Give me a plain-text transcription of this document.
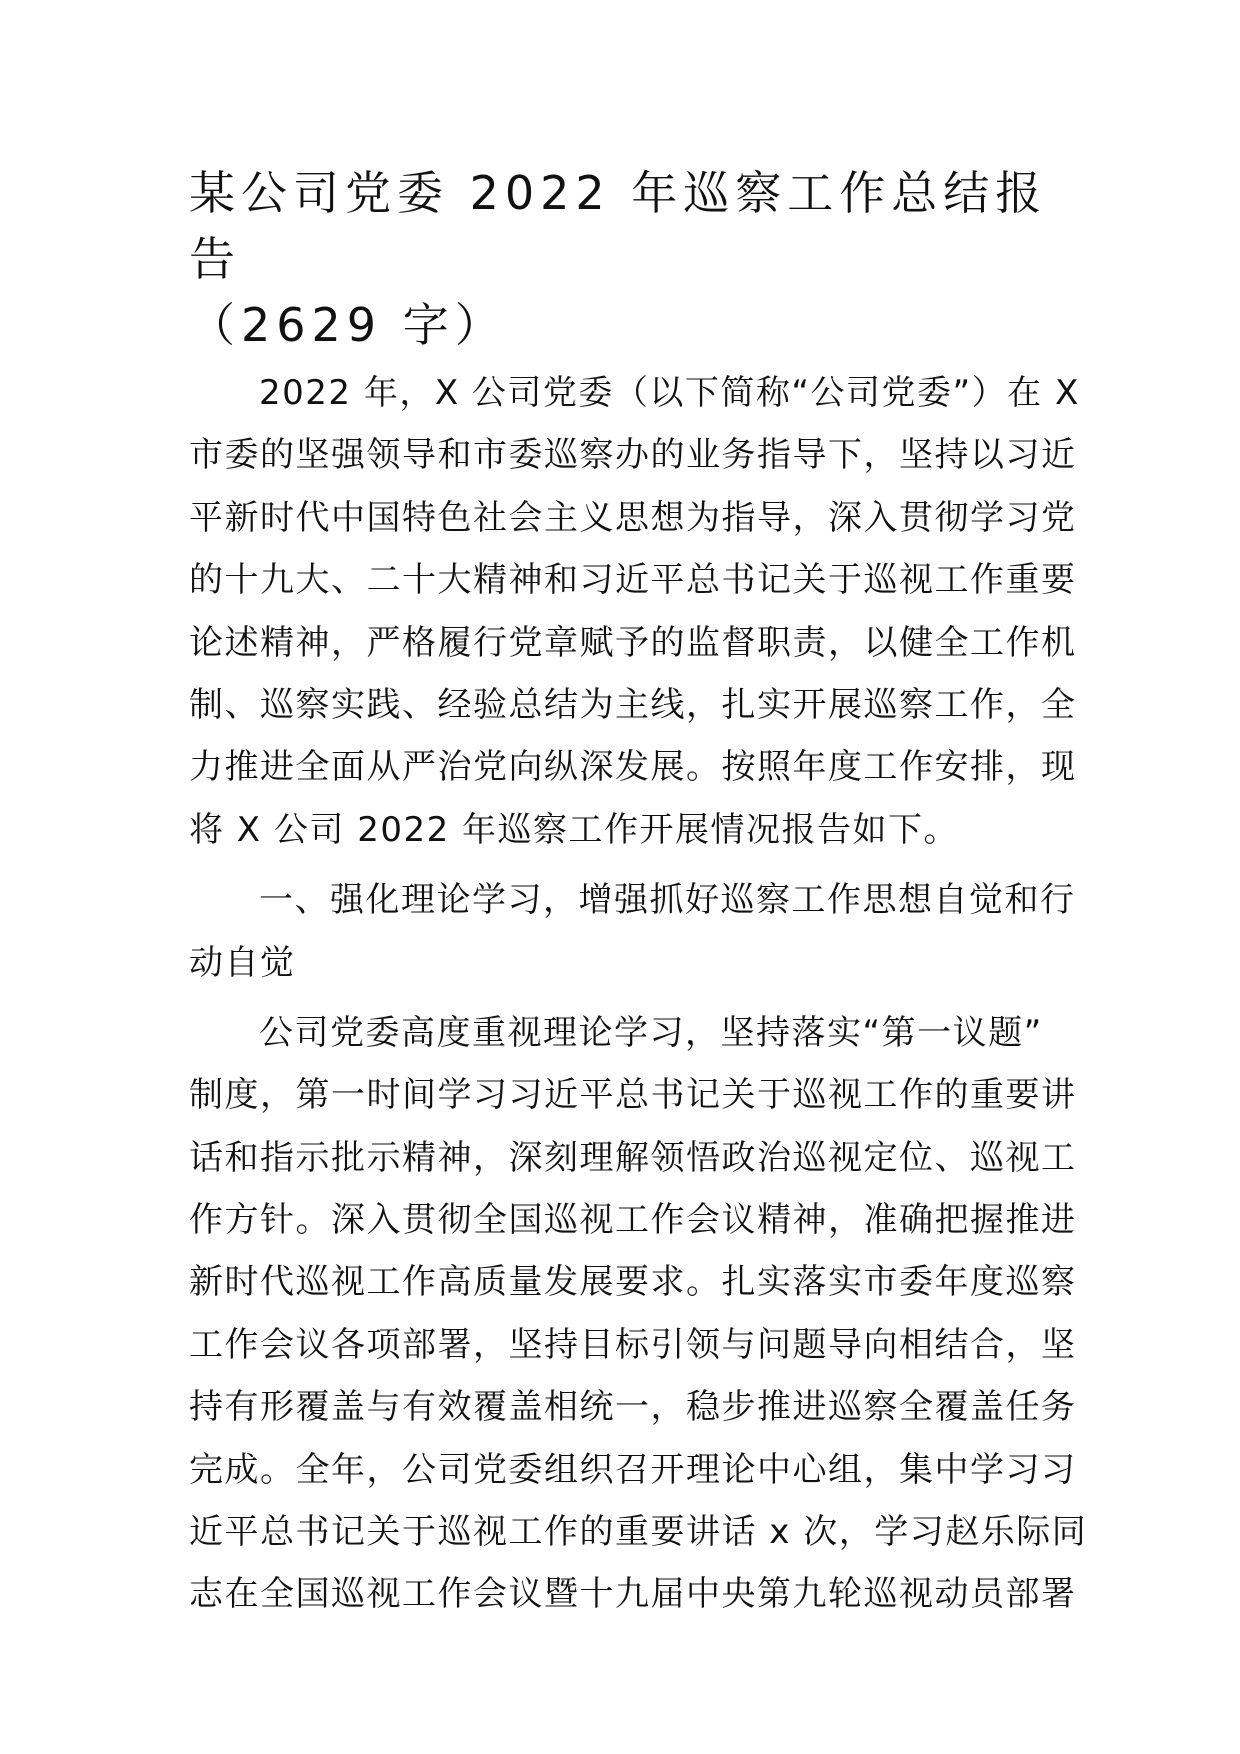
某公司党委 2022 年巡察工作总结报告
（2629 字）
2022 年，X 公司党委（以下简称“公司党委”）在 X
市委的坚强领导和市委巡察办的业务指导下，坚持以习近
平新时代中国特色社会主义思想为指导，深入贯彻学习党
的十九大、二十大精神和习近平总书记关于巡视工作重要
论述精神，严格履行党章赋予的监督职责，以健全工作机
制、巡察实践、经验总结为主线，扎实开展巡察工作，全
力推进全面从严治党向纵深发展。按照年度工作安排，现
将 X 公司 2022 年巡察工作开展情况报告如下。
一、强化理论学习，增强抓好巡察工作思想自觉和行
动自觉
公司党委高度重视理论学习，坚持落实“第一议题”
制度，第一时间学习习近平总书记关于巡视工作的重要讲
话和指示批示精神，深刻理解领悟政治巡视定位、巡视工
作方针。深入贯彻全国巡视工作会议精神，准确把握推进
新时代巡视工作高质量发展要求。扎实落实市委年度巡察
工作会议各项部署，坚持目标引领与问题导向相结合，坚
持有形覆盖与有效覆盖相统一，稳步推进巡察全覆盖任务
完成。全年，公司党委组织召开理论中心组，集中学习习
近平总书记关于巡视工作的重要讲话 x 次，学习赵乐际同
志在全国巡视工作会议暨十九届中央第九轮巡视动员部署
